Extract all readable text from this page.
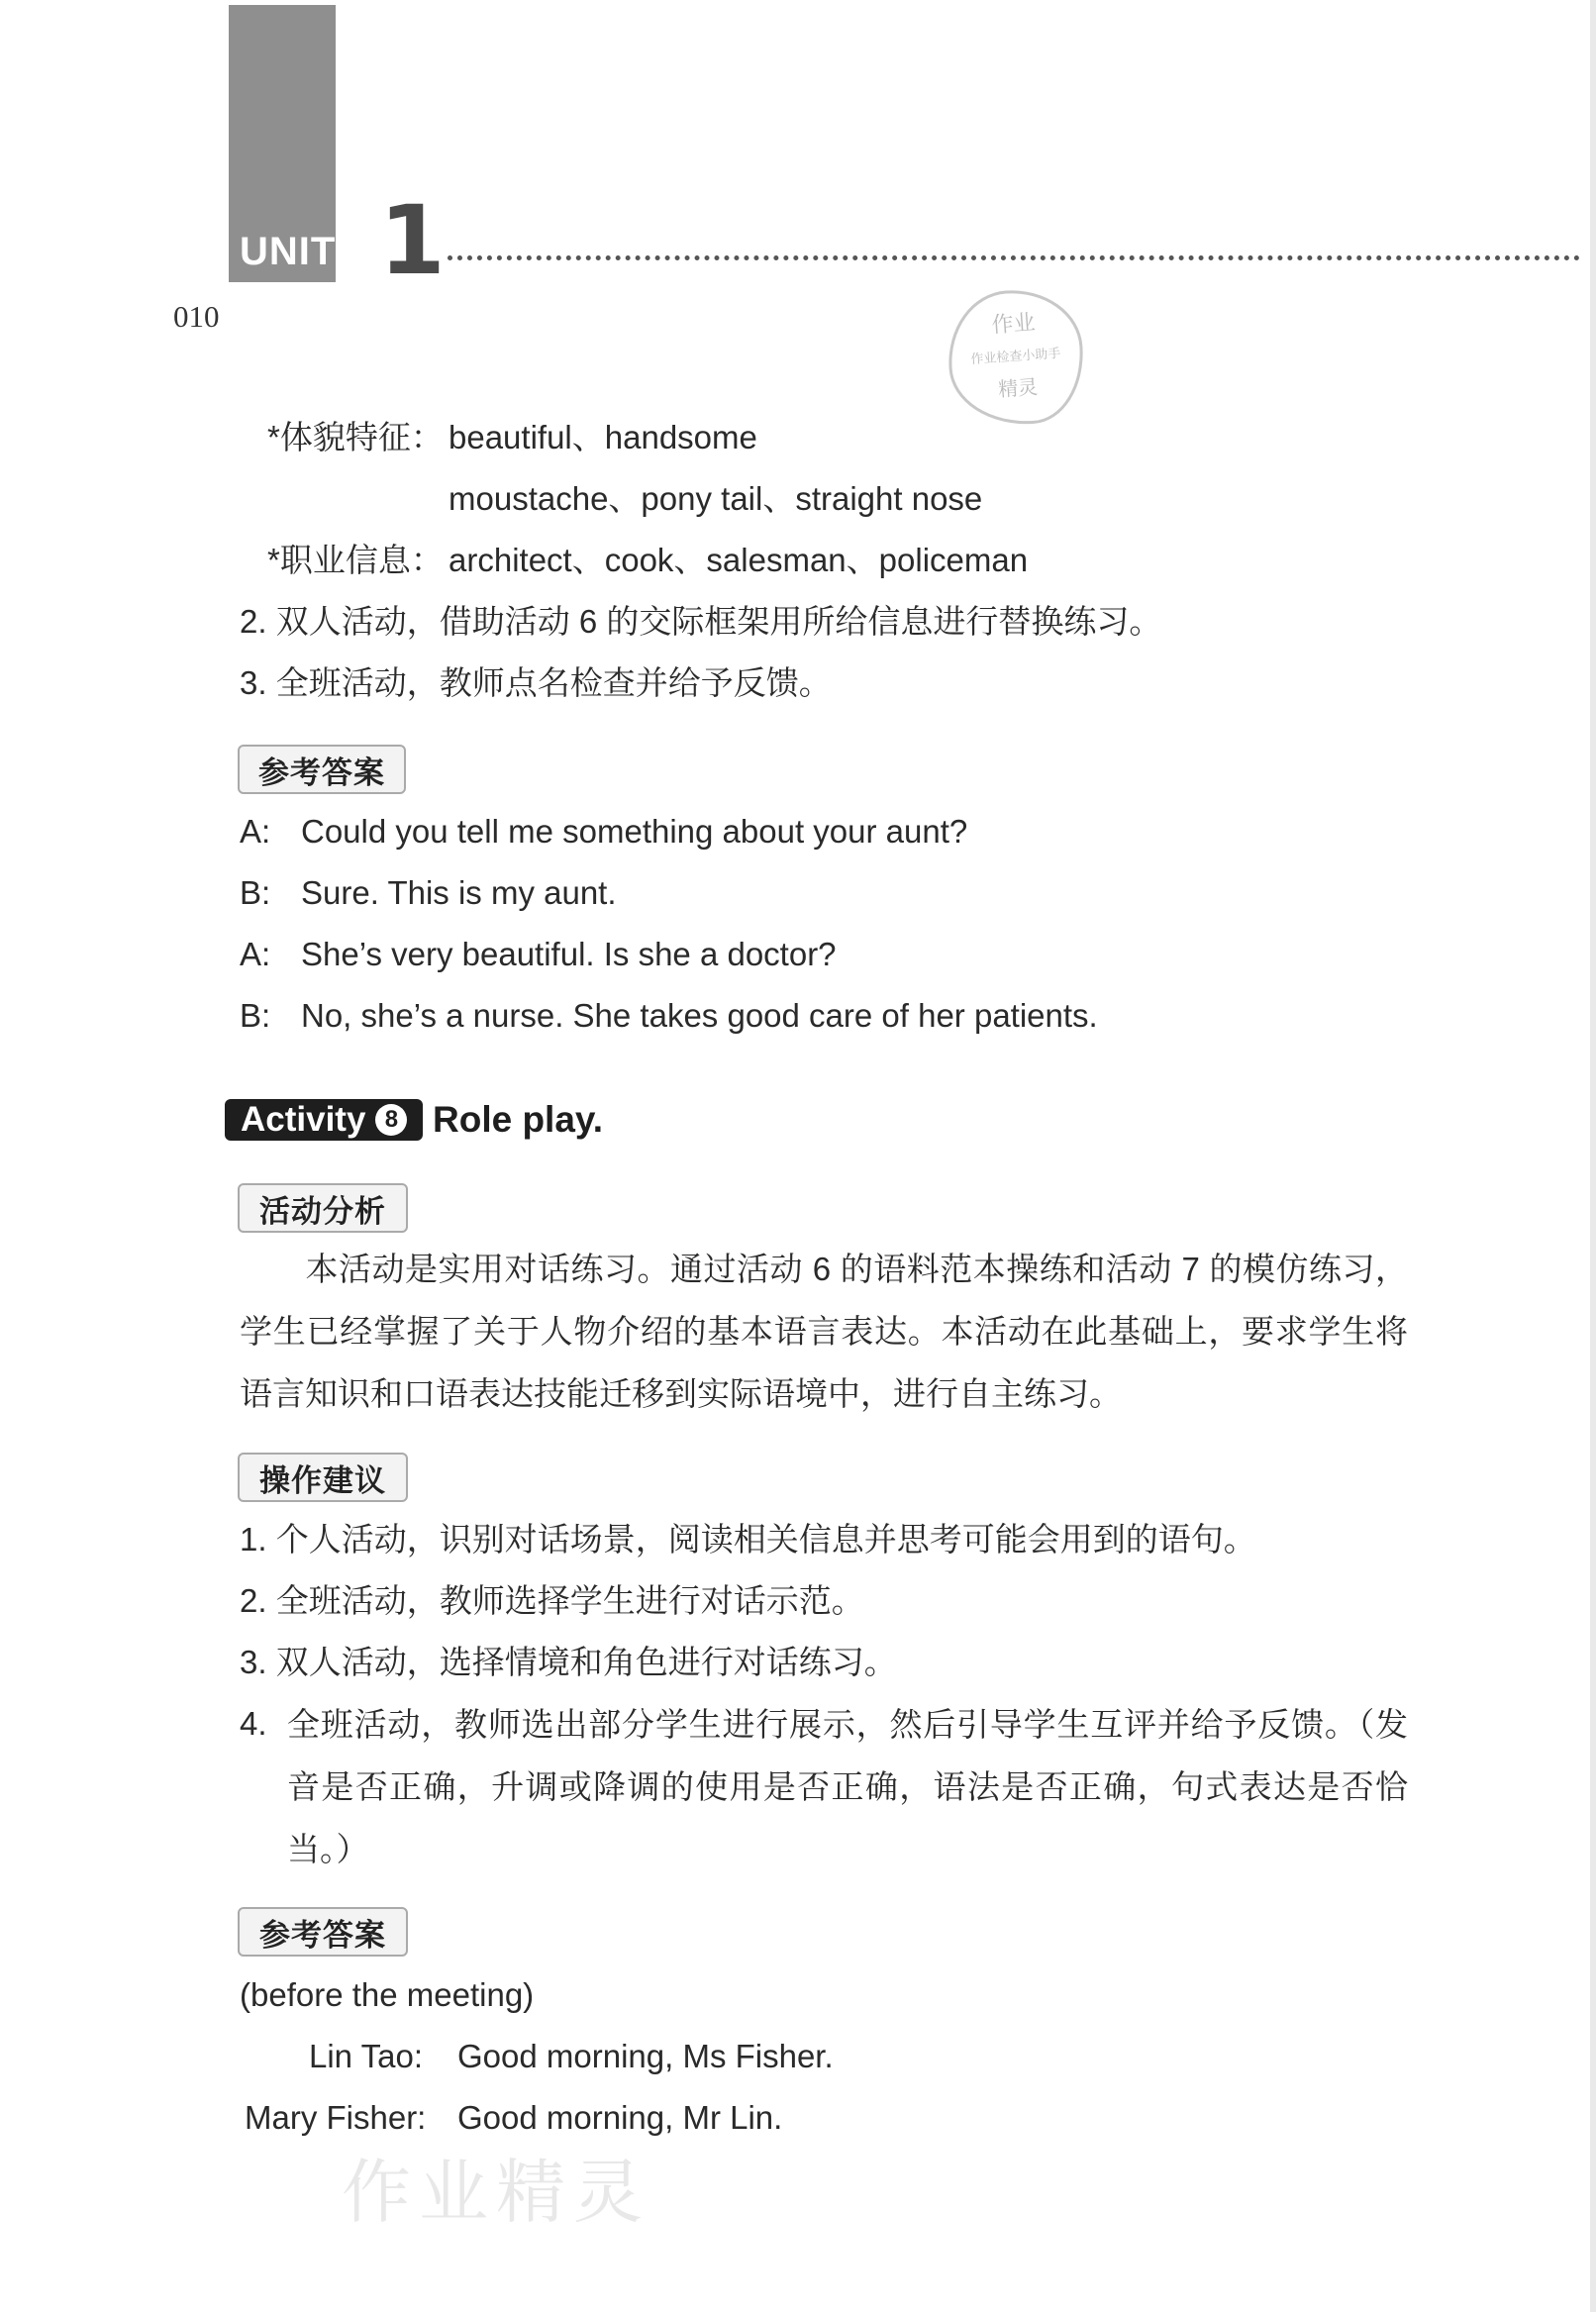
UNIT 1
010	作业
作业检查小助手
精灵
*体貌特征： beautiful、handsome
moustache、pony tail、straight nose
*职业信息： architect、cook、salesman、policeman
2. 双人活动，借助活动 6 的交际框架用所给信息进行替换练习。
3. 全班活动，教师点名检查并给予反馈。
参考答案
A: Could you tell me something about your aunt?
B: Sure. This is my aunt.
A: She’s very beautiful. Is she a doctor?
B: No, she’s a nurse. She takes good care of her patients.
Activity 8 Role play.
活动分析
本活动是实用对话练习。通过活动 6 的语料范本操练和活动 7 的模仿练习，学生已经掌握了关于人物介绍的基本语言表达。本活动在此基础上，要求学生将语言知识和口语表达技能迁移到实际语境中，进行自主练习。
操作建议
1. 个人活动，识别对话场景，阅读相关信息并思考可能会用到的语句。
2. 全班活动，教师选择学生进行对话示范。
3. 双人活动，选择情境和角色进行对话练习。
4. 全班活动，教师选出部分学生进行展示，然后引导学生互评并给予反馈。（发音是否正确，升调或降调的使用是否正确，语法是否正确，句式表达是否恰当。）
参考答案
(before the meeting)
Lin Tao: Good morning, Ms Fisher.
Mary Fisher: Good morning, Mr Lin.
作业精灵
